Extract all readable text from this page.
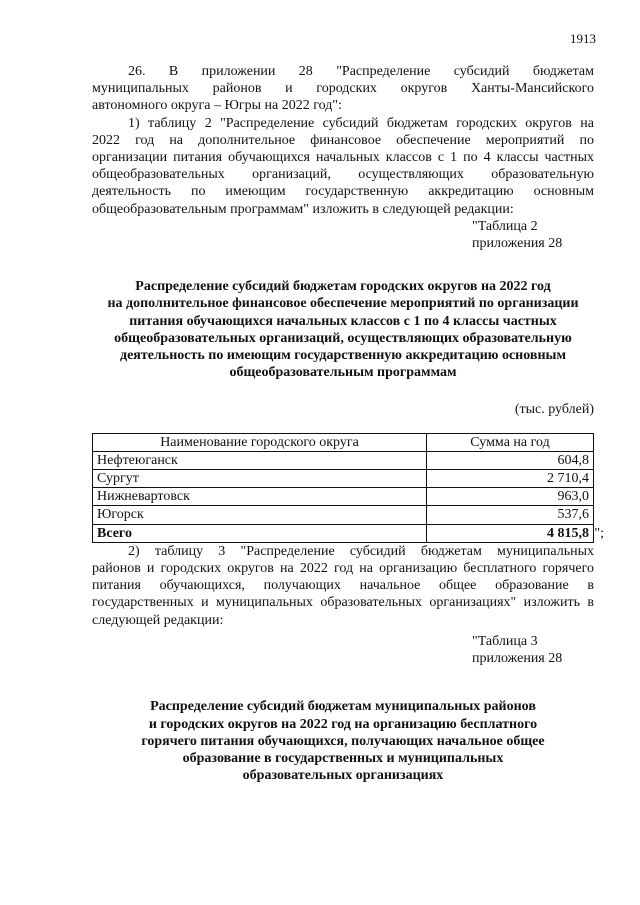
1913

26. В приложении 28 "Распределение субсидий бюджетам

муниципальных районов и городских округов Ханты-Мансийского

автономного округа – Югры на 2022 год":

1) таблицу 2 "Распределение субсидий бюджетам городских округов на

2022 год на дополнительное финансовое обеспечение мероприятий по

организации питания обучающихся начальных классов с 1 по 4 классы частных

общеобразовательных организаций, осуществляющих образовательную

деятельность по имеющим государственную аккредитацию основным

общеобразовательным программам" изложить в следующей редакции:

"Таблица 2

приложения 28

Распределение субсидий бюджетам городских округов на 2022 год

на дополнительное финансовое обеспечение мероприятий по организации

питания обучающихся начальных классов с 1 по 4 классы частных

общеобразовательных организаций, осуществляющих образовательную

деятельность по имеющим государственную аккредитацию основным

общеобразовательным программам

(тыс. рублей)

Наименование городского округа	Сумма на год
Нефтеюганск	604,8
Сургут	2 710,4
Нижневартовск	963,0
Югорск	537,6
Всего	4 815,8 ";

2) таблицу 3 "Распределение субсидий бюджетам муниципальных

районов и городских округов на 2022 год на организацию бесплатного горячего

питания обучающихся, получающих начальное общее образование в

государственных и муниципальных образовательных организациях" изложить в

следующей редакции:

"Таблица 3

приложения 28

Распределение субсидий бюджетам муниципальных районов

и городских округов на 2022 год на организацию бесплатного

горячего питания обучающихся, получающих начальное общее

образование в государственных и муниципальных

образовательных организациях
